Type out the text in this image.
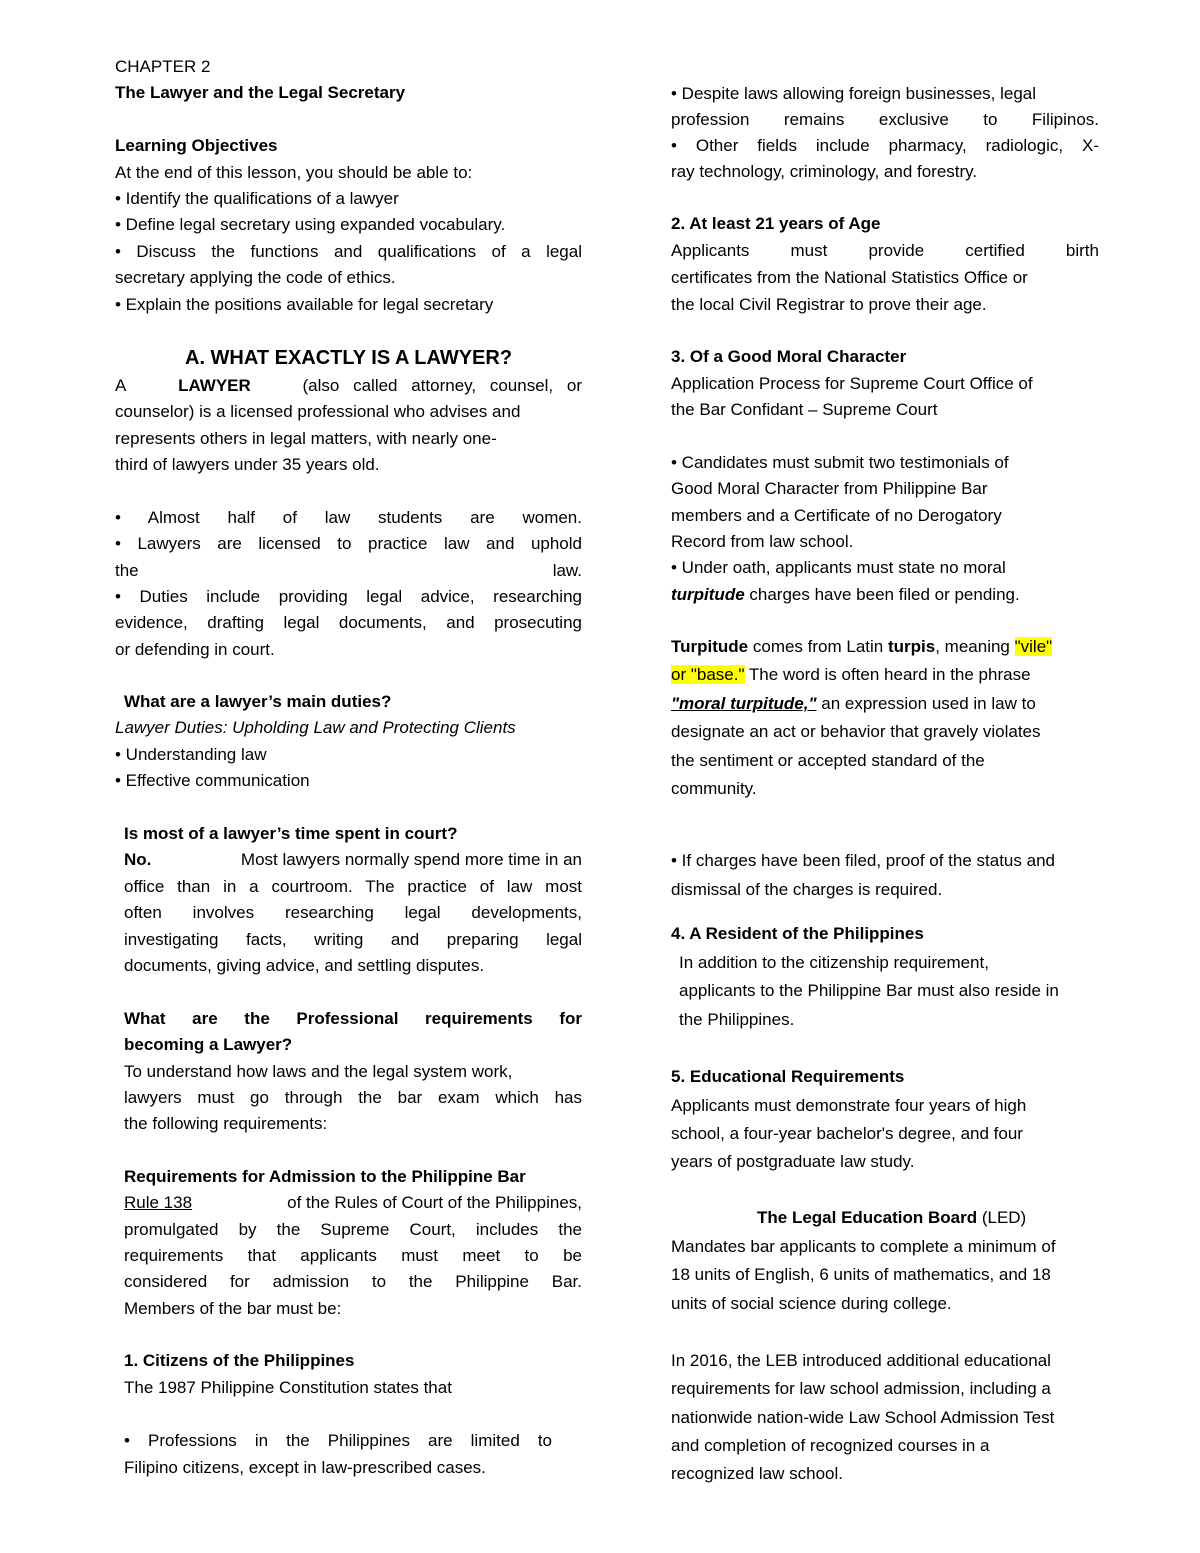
CHAPTER 2
The Lawyer and the Legal Secretary
Learning Objectives
At the end of this lesson, you should be able to:
• Identify the qualifications of a lawyer
• Define legal secretary using expanded vocabulary.
• Discuss the functions and qualifications of a legal
secretary applying the code of ethics.
• Explain the positions available for legal secretary
A. WHAT EXACTLY IS A LAWYER?
A	LAWYER	(also called attorney, counsel, or
counselor) is a licensed professional who advises and
represents others in legal matters, with nearly one-
third of lawyers under 35 years old.
• Almost half of law students are women.
• Lawyers are licensed to practice law and uphold
the	law.
• Duties include providing legal advice, researching
evidence, drafting legal documents, and prosecuting
or defending in court.
What are a lawyer’s main duties?
Lawyer Duties: Upholding Law and Protecting Clients
• Understanding law
• Effective communication
Is most of a lawyer’s time spent in court?
No.	Most lawyers normally spend more time in an
office than in a courtroom. The practice of law most
often involves researching legal developments,
investigating facts, writing and preparing legal
documents, giving advice, and settling disputes.
What are the Professional requirements for
becoming a Lawyer?
To understand how laws and the legal system work,
lawyers must go through the bar exam which has
the following requirements:
Requirements for Admission to the Philippine Bar
Rule 138	of the Rules of Court of the Philippines,
promulgated by the Supreme Court, includes the
requirements that applicants must meet to be
considered for admission to the Philippine Bar.
Members of the bar must be:
1. Citizens of the Philippines
The 1987 Philippine Constitution states that
• Professions in the Philippines are limited to
Filipino citizens, except in law-prescribed cases.
• Despite laws allowing foreign businesses, legal
profession remains exclusive to Filipinos.
• Other fields include pharmacy, radiologic, X-
ray technology, criminology, and forestry.
2. At least 21 years of Age
Applicants must provide certified birth
certificates from the National Statistics Office or
the local Civil Registrar to prove their age.
3. Of a Good Moral Character
Application Process for Supreme Court Office of
the Bar Confidant – Supreme Court
• Candidates must submit two testimonials of
Good Moral Character from Philippine Bar
members and a Certificate of no Derogatory
Record from law school.
• Under oath, applicants must state no moral
turpitude charges have been filed or pending.
Turpitude comes from Latin turpis, meaning "vile"
or "base." The word is often heard in the phrase
"moral turpitude," an expression used in law to
designate an act or behavior that gravely violates
the sentiment or accepted standard of the
community.
• If charges have been filed, proof of the status and
dismissal of the charges is required.
4. A Resident of the Philippines
In addition to the citizenship requirement,
applicants to the Philippine Bar must also reside in
the Philippines.
5. Educational Requirements
Applicants must demonstrate four years of high
school, a four-year bachelor's degree, and four
years of postgraduate law study.
The Legal Education Board (LED)
Mandates bar applicants to complete a minimum of
18 units of English, 6 units of mathematics, and 18
units of social science during college.
In 2016, the LEB introduced additional educational
requirements for law school admission, including a
nationwide nation-wide Law School Admission Test
and completion of recognized courses in a
recognized law school.
